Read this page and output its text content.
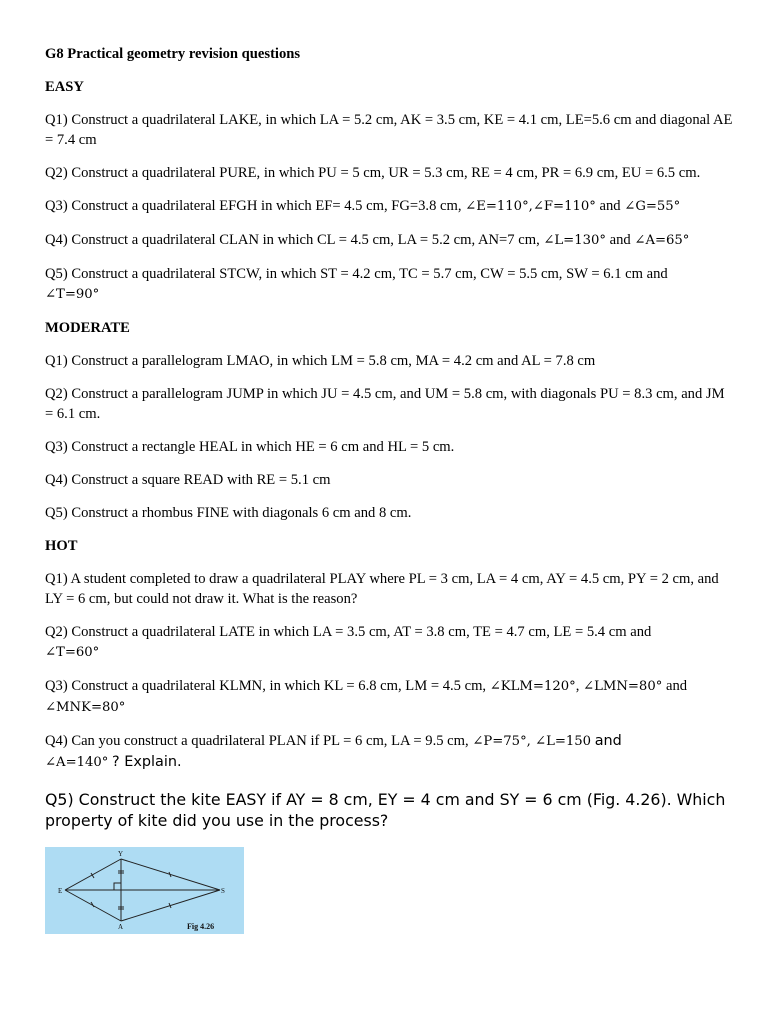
G8 Practical geometry revision questions

EASY

Q1) Construct a quadrilateral LAKE, in which LA = 5.2 cm, AK = 3.5 cm, KE = 4.1 cm, LE=5.6 cm and diagonal AE = 7.4 cm

Q2) Construct a quadrilateral PURE, in which PU = 5 cm, UR = 5.3 cm, RE = 4 cm, PR = 6.9 cm, EU = 6.5 cm.

Q3) Construct a quadrilateral EFGH in which EF= 4.5 cm, FG=3.8 cm, ∠E=110°,∠F=110° and ∠G=55°

Q4) Construct a quadrilateral CLAN in which CL = 4.5 cm, LA = 5.2 cm, AN=7 cm, ∠L=130° and ∠A=65°

Q5) Construct a quadrilateral STCW, in which ST = 4.2 cm, TC = 5.7 cm, CW = 5.5 cm, SW = 6.1 cm and
∠T=90°

MODERATE

Q1) Construct a parallelogram LMAO, in which LM = 5.8 cm, MA = 4.2 cm and AL = 7.8 cm

Q2) Construct a parallelogram JUMP in which JU = 4.5 cm, and UM = 5.8 cm, with diagonals PU = 8.3 cm, and JM = 6.1 cm.

Q3) Construct a rectangle HEAL in which HE = 6 cm and HL = 5 cm.

Q4) Construct a square READ with RE = 5.1 cm

Q5) Construct a rhombus FINE with diagonals 6 cm and 8 cm.

HOT

Q1) A student completed to draw a quadrilateral PLAY where PL = 3 cm, LA = 4 cm, AY = 4.5 cm, PY = 2 cm, and LY = 6 cm, but could not draw it. What is the reason?

Q2) Construct a quadrilateral LATE in which LA = 3.5 cm, AT = 3.8 cm, TE = 4.7 cm, LE = 5.4 cm and
∠T=60°

Q3) Construct a quadrilateral KLMN, in which KL = 6.8 cm, LM = 4.5 cm, ∠KLM=120°, ∠LMN=80° and
∠MNK=80°

Q4) Can you construct a quadrilateral PLAN if PL = 6 cm, LA = 9.5 cm, ∠P=75°, ∠L=150 and
∠A=140° ? Explain.

Q5) Construct the kite EASY if AY = 8 cm, EY = 4 cm and SY = 6 cm (Fig. 4.26). Which property of kite did you use in the process?

Y
E	S
A	Fig 4.26
